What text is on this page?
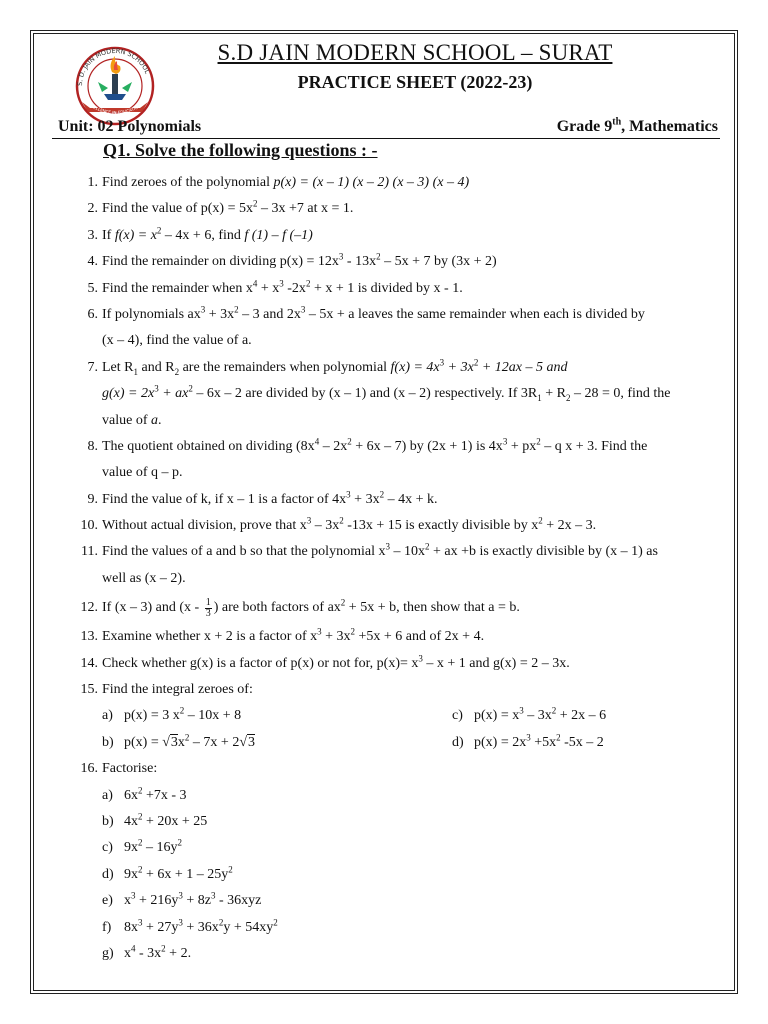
S. D. JAIN MODERN SCHOOL
EXCELLENCE IN EDUCATION
S.D JAIN MODERN SCHOOL – SURAT
PRACTICE SHEET (2022-23)
Unit: 02 Polynomials	Grade 9th, Mathematics
Q1. Solve the following questions : -
1. Find zeroes of the polynomial p(x) = (x – 1) (x – 2) (x – 3) (x – 4)
2. Find the value of $p(x) = 5x^2 - 3x +7$ at x = 1.
3. If $f(x) = x^2 - 4x + 6$, find f (1) – f (–1)
4. Find the remainder on dividing $p(x) = 12x^3 - 13x^2 - 5x + 7$ by (3x + 2)
5. Find the remainder when $x^4 + x^3$ $-2x^2 + x + 1$ is divided by x - 1.
6. If polynomials $ax^3 + 3x^2 - 3$ and $2x^3 - 5x + a$ leaves the same remainder when each is divided by
(x – 4), find the value of a.
7. Let $R_1$ and $R_2$ are the remainders when polynomial $f(x) = 4x^3 + 3x^2 + 12ax - 5$ and
$g(x) = 2x^3 + ax^2 - 6x - 2$ are divided by (x – 1) and (x – 2) respectively. If $3R_1 + R_2 - 28 = 0$, find the
value of a.
8. The quotient obtained on dividing $(8x^4 - 2x^2 + 6x - 7)$ by (2x + 1) is $4x^3 + px^2 - q$ x + 3. Find the
value of q – p.
9. Find the value of k, if x – 1 is a factor of $4x^3 + 3x^2 - 4x + k$.
10. Without actual division, prove that $x^3 - 3x^2$ -13x + 15 is exactly divisible by $x^2 + 2x - 3$.
11. Find the values of a and b so that the polynomial $x^3 - 10x^2$ + ax +b is exactly divisible by (x – 1) as
well as (x – 2).
12. If (x – 3) and ($x - \frac{1}{3}$ ) are both factors of $ax^2 + 5x + b$, then show that a = b.
13. Examine whether x + 2 is a factor of $x^3 + 3x^2 +5x + 6$ and of 2x + 4.
14. Check whether g(x) is a factor of p(x) or not for, $p(x)= x^3 - x + 1$ and g(x) = 2 – 3x.
15. Find the integral zeroes of:
a) p(x) = 3 $x^2 - 10x + 8$	c) $p(x) = x^3 - 3x^2 + 2x - 6$
b) $p(x) = √3x^2 - 7x + 2√3$	d) $p(x) = 2x^3 +5x^2$ -5x – 2
16. Factorise:
a) $6x^2 +7x - 3$
b) $4x^2 + 20x + 25$
c) $9x^2 - 16y^2$
d) $9x^2 + 6x + 1 - 25y^2$
e) $x^3 + 216y^3 + 8z^3 - 36xyz$
f) $8x^3 + 27y^3 + 36x^2y + 54xy^2$
g) $x^4 - 3x^2 + 2$.
